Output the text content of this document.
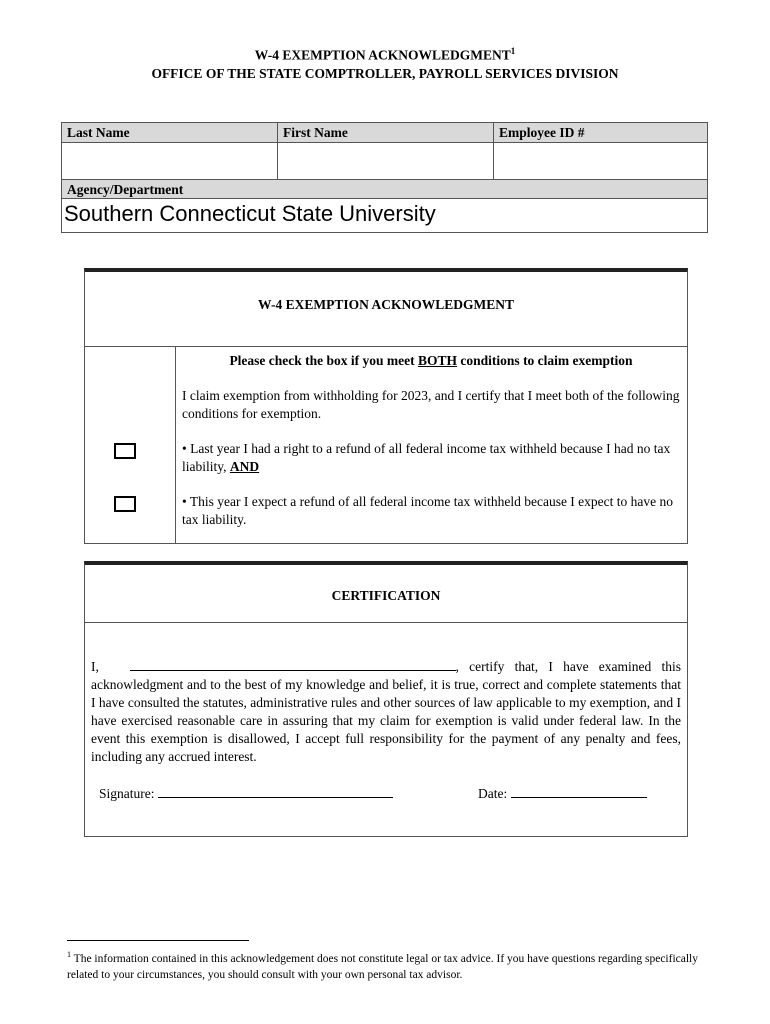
W-4 EXEMPTION ACKNOWLEDGMENT$^1$
OFFICE OF THE STATE COMPTROLLER, PAYROLL SERVICES DIVISION
Last Name	First Name	Employee ID #
Agency/Department
Southern Connecticut State University
W-4 EXEMPTION ACKNOWLEDGMENT
Please check the box if you meet BOTH conditions to claim exemption
I claim exemption from withholding for 2023, and I certify that I meet both of the following conditions for exemption.
• Last year I had a right to a refund of all federal income tax withheld because I had no tax liability, AND
• This year I expect a refund of all federal income tax withheld because I expect to have no tax liability.
CERTIFICATION
I,	, certify that, I have examined this acknowledgment and to the best of my knowledge and belief, it is true, correct and complete statements that I have consulted the statutes, administrative rules and other sources of law applicable to my exemption, and I have exercised reasonable care in assuring that my claim for exemption is valid under federal law. In the event this exemption is disallowed, I accept full responsibility for the payment of any penalty and fees, including any accrued interest.
Signature:	Date:
$^1$ The information contained in this acknowledgement does not constitute legal or tax advice. If you have questions regarding specifically related to your circumstances, you should consult with your own personal tax advisor.
